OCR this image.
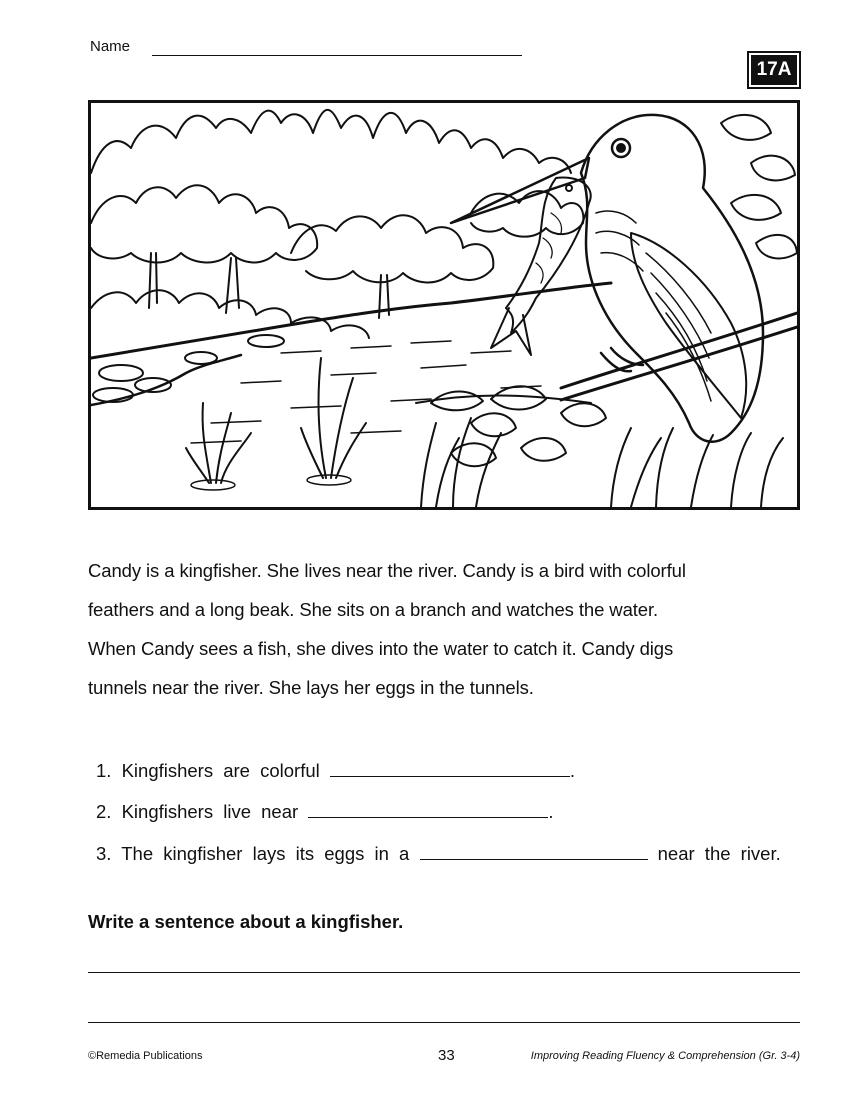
Name
17A

Candy is a kingfisher. She lives near the river. Candy is a bird with colorful

feathers and a long beak. She sits on a branch and watches the water.

When Candy sees a fish, she dives into the water to catch it. Candy digs

tunnels near the river. She lays her eggs in the tunnels.

1. Kingfishers are colorful	.
2. Kingfishers live near	.
3. The kingfisher lays its eggs in a	near the river.
Write a sentence about a kingfisher.
©Remedia Publications	33	Improving Reading Fluency & Comprehension (Gr. 3-4)
